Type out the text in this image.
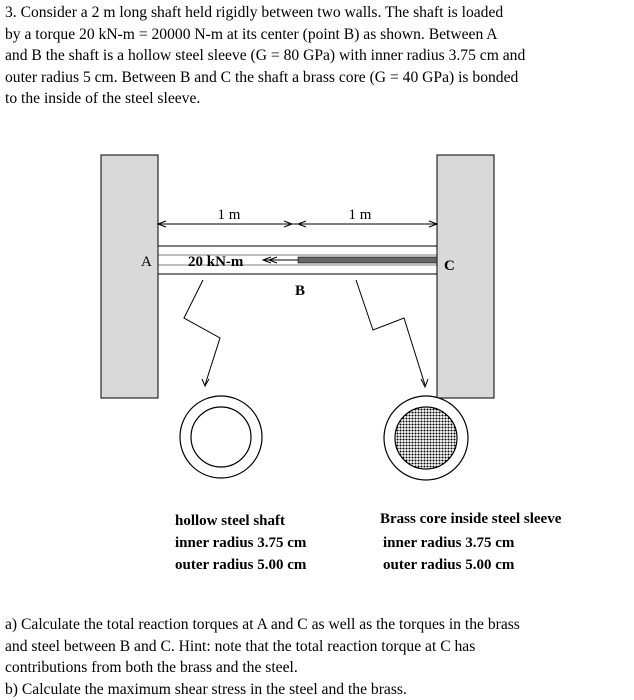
3. Consider a 2 m long shaft held rigidly between two walls. The shaft is loaded
by a torque 20 kN-m = 20000 N-m at its center (point B) as shown. Between A
and B the shaft is a hollow steel sleeve (G = 80 GPa) with inner radius 3.75 cm and
outer radius 5 cm. Between B and C the shaft a brass core (G = 40 GPa) is bonded
to the inside of the steel sleeve.
1 m	1 m
20 kN-m
A
B
C
hollow steel shaft
inner radius 3.75 cm
outer radius 5.00 cm
Brass core inside steel sleeve
inner radius 3.75 cm
outer radius 5.00 cm
a) Calculate the total reaction torques at A and C as well as the torques in the brass
and steel between B and C. Hint: note that the total reaction torque at C has
contributions from both the brass and the steel.
b) Calculate the maximum shear stress in the steel and the brass.
